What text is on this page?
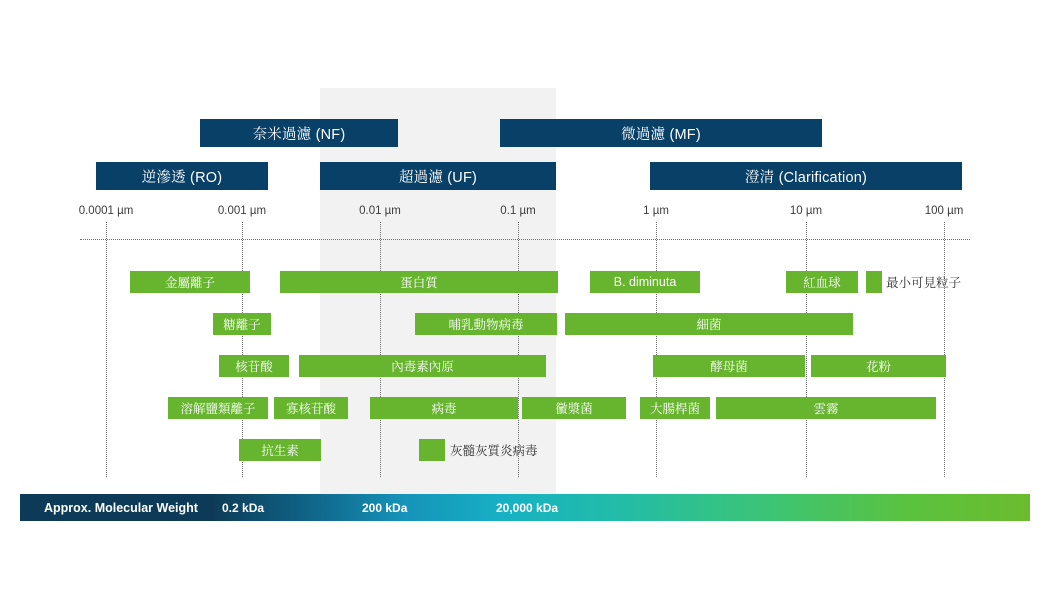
奈米過濾 (NF)	微過濾 (MF)
逆滲透 (RO)	超過濾 (UF)	澄清 (Clarification)
0.0001 µm	0.001 µm	0.01 µm	0.1 µm	1 µm	10 µm	100 µm
金屬離子	蛋白質	B. diminuta	紅血球	最小可見粒子
糖離子	哺乳動物病毒	細菌
核苷酸	內毒素內原	酵母菌	花粉
溶解鹽類離子 寡核苷酸	病毒	黴漿菌	大腸桿菌	雲霧
抗生素	灰髓灰質炎病毒
Approx. Molecular Weight 0.2 kDa	200 kDa	20,000 kDa
